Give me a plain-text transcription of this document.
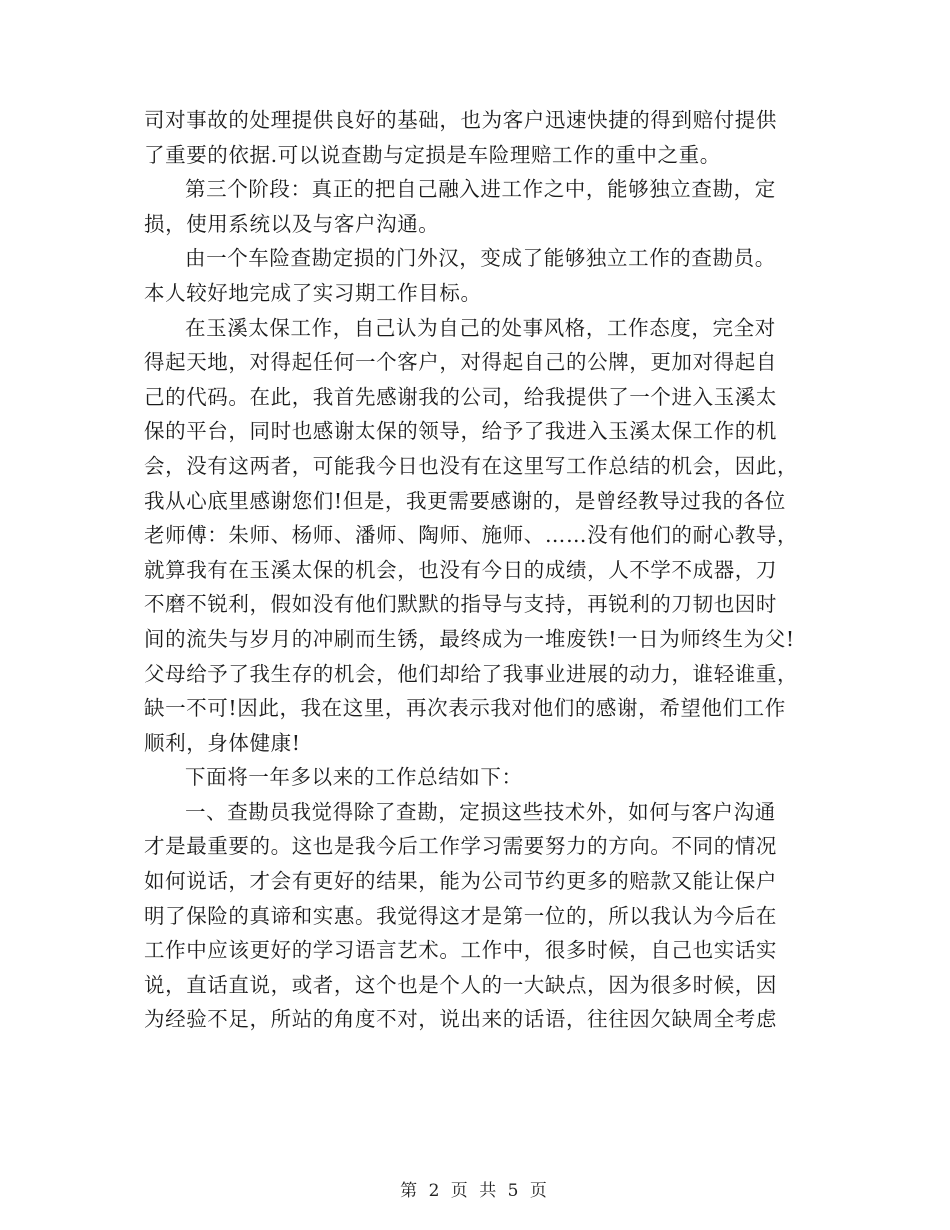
司对事故的处理提供良好的基础，也为客户迅速快捷的得到赔付提供
了重要的依据.可以说查勘与定损是车险理赔工作的重中之重。
第三个阶段：真正的把自己融入进工作之中，能够独立查勘，定
损，使用系统以及与客户沟通。
由一个车险查勘定损的门外汉，变成了能够独立工作的查勘员。
本人较好地完成了实习期工作目标。
在玉溪太保工作，自己认为自己的处事风格，工作态度，完全对
得起天地，对得起任何一个客户，对得起自己的公牌，更加对得起自
己的代码。在此，我首先感谢我的公司，给我提供了一个进入玉溪太
保的平台，同时也感谢太保的领导，给予了我进入玉溪太保工作的机
会，没有这两者，可能我今日也没有在这里写工作总结的机会，因此，
我从心底里感谢您们!但是，我更需要感谢的，是曾经教导过我的各位
老师傅：朱师、杨师、潘师、陶师、施师、……没有他们的耐心教导，
就算我有在玉溪太保的机会，也没有今日的成绩，人不学不成器，刀
不磨不锐利，假如没有他们默默的指导与支持，再锐利的刀韧也因时
间的流失与岁月的冲刷而生锈，最终成为一堆废铁!一日为师终生为父!
父母给予了我生存的机会，他们却给了我事业进展的动力，谁轻谁重，
缺一不可!因此，我在这里，再次表示我对他们的感谢，希望他们工作
顺利，身体健康!
下面将一年多以来的工作总结如下：
一、查勘员我觉得除了查勘，定损这些技术外，如何与客户沟通
才是最重要的。这也是我今后工作学习需要努力的方向。不同的情况
如何说话，才会有更好的结果，能为公司节约更多的赔款又能让保户
明了保险的真谛和实惠。我觉得这才是第一位的，所以我认为今后在
工作中应该更好的学习语言艺术。工作中，很多时候，自己也实话实
说，直话直说，或者，这个也是个人的一大缺点，因为很多时候，因
为经验不足，所站的角度不对，说出来的话语，往往因欠缺周全考虑
第 2 页 共 5 页
